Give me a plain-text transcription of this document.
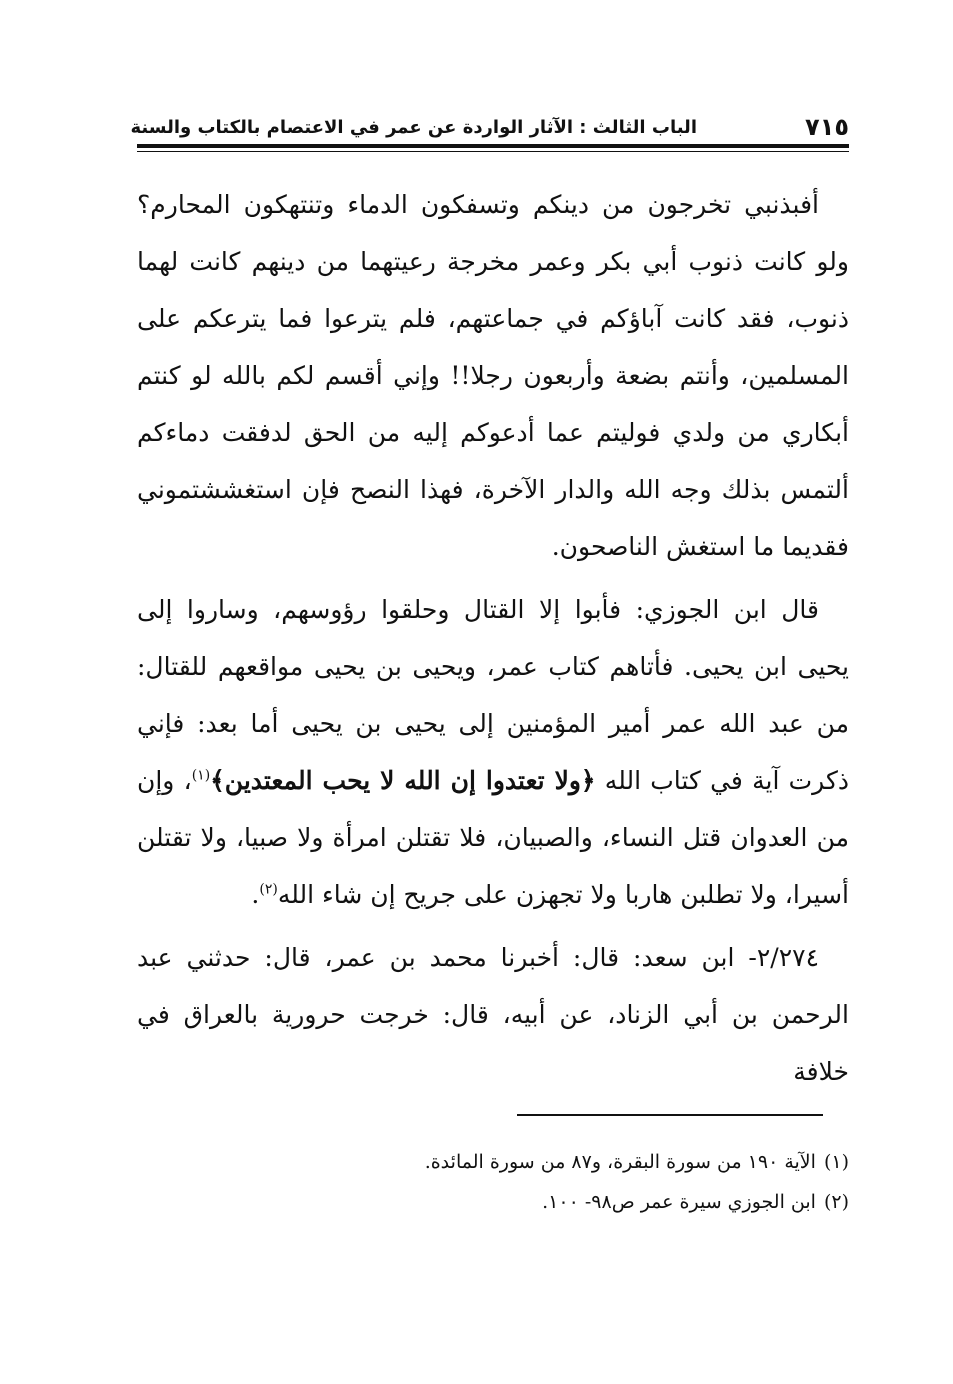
٧١٥
الباب الثالث : الآثار الواردة عن عمر في الاعتصام بالكتاب والسنة

أفبذنبي تخرجون من دينكم وتسفكون الدماء وتنتهكون المحارم؟ ولو كانت ذنوب أبي بكر وعمر مخرجة رعيتهما من دينهم كانت لهما ذنوب، فقد كانت آباؤكم في جماعتهم، فلم يترعوا فما يترعكم على المسلمين، وأنتم بضعة وأربعون رجلا!! وإني أقسم لكم بالله لو كنتم أبكاري من ولدي فوليتم عما أدعوكم إليه من الحق لدفقت دماءكم ألتمس بذلك وجه الله والدار الآخرة، فهذا النصح فإن استغششتموني فقديما ما استغش الناصحون.

قال ابن الجوزي: فأبوا إلا القتال وحلقوا رؤوسهم، وساروا إلى يحيى ابن يحيى. فأتاهم كتاب عمر، ويحيى بن يحيى مواقعهم للقتال: من عبد الله عمر أمير المؤمنين إلى يحيى بن يحيى أما بعد: فإني ذكرت آية في كتاب الله ﴿ولا تعتدوا إن الله لا يحب المعتدين﴾$^{(١)}$، وإن من العدوان قتل النساء، والصبيان، فلا تقتلن امرأة ولا صبيا، ولا تقتلن أسيرا، ولا تطلبن هاربا ولا تجهزن على جريح إن شاء الله$^{(٢)}$.

٢/٢٧٤- ابن سعد: قال: أخبرنا محمد بن عمر، قال: حدثني عبد الرحمن بن أبي الزناد، عن أبيه، قال: خرجت حرورية بالعراق في خلافة

(١)الآية ١٩٠ من سورة البقرة، و٨٧ من سورة المائدة.

(٢)ابن الجوزي سيرة عمر ص٩٨- ١٠٠.
